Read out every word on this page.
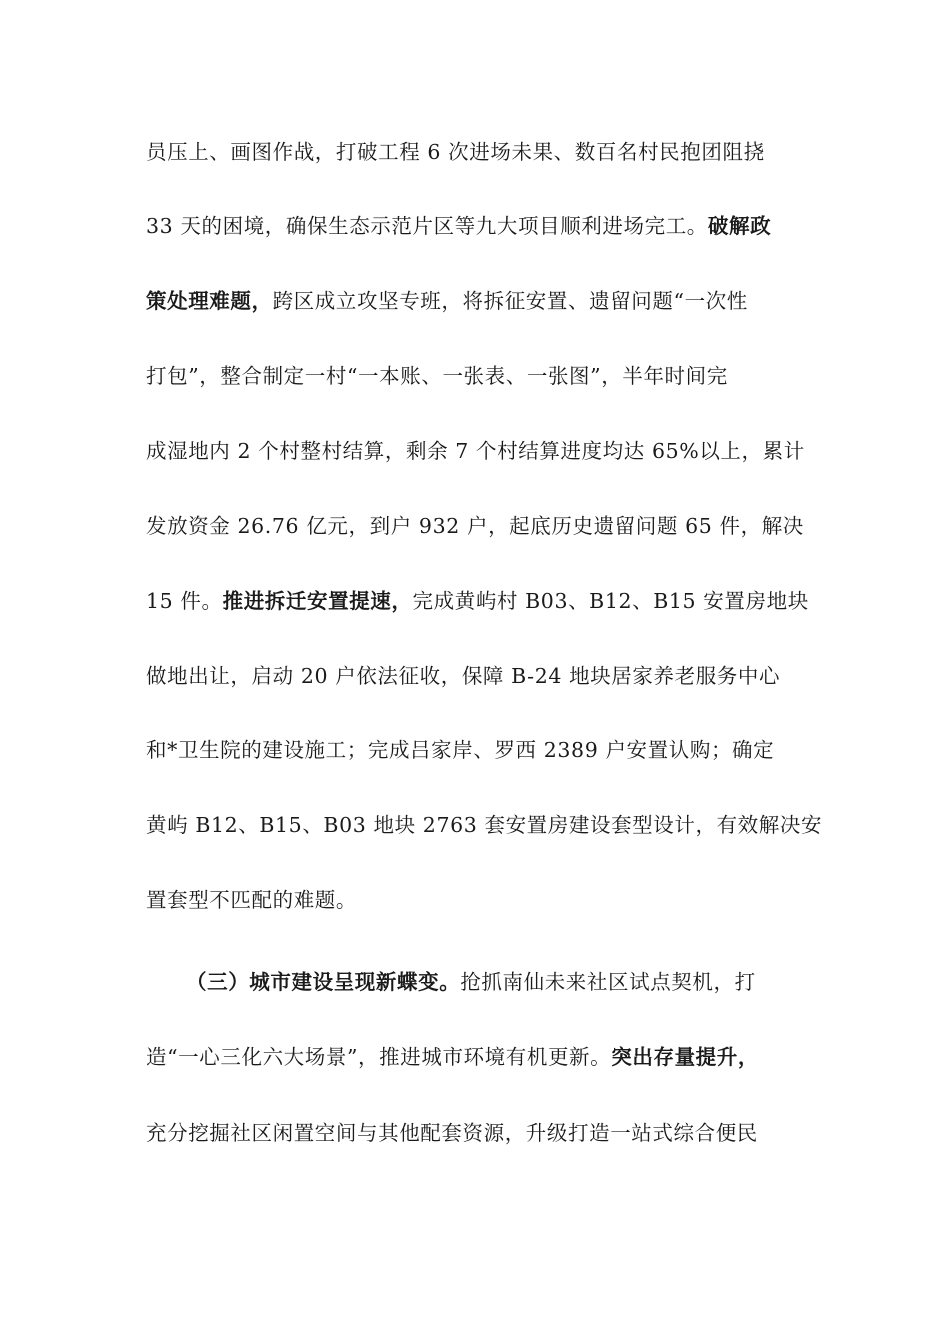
员压上、画图作战，打破工程 6 次进场未果、数百名村民抱团阻挠
33 天的困境，确保生态示范片区等九大项目顺利进场完工。破解政
策处理难题，跨区成立攻坚专班，将拆征安置、遗留问题“一次性
打包”，整合制定一村“一本账、一张表、一张图”，半年时间完
成湿地内 2 个村整村结算，剩余 7 个村结算进度均达 65%以上，累计
发放资金 26.76 亿元，到户 932 户，起底历史遗留问题 65 件，解决
15 件。推进拆迁安置提速，完成黄屿村 B03、B12、B15 安置房地块
做地出让，启动 20 户依法征收，保障 B-24 地块居家养老服务中心
和*卫生院的建设施工；完成吕家岸、罗西 2389 户安置认购；确定
黄屿 B12、B15、B03 地块 2763 套安置房建设套型设计，有效解决安
置套型不匹配的难题。
（三）城市建设呈现新蝶变。抢抓南仙未来社区试点契机，打
造“一心三化六大场景”，推进城市环境有机更新。突出存量提升，
充分挖掘社区闲置空间与其他配套资源，升级打造一站式综合便民
